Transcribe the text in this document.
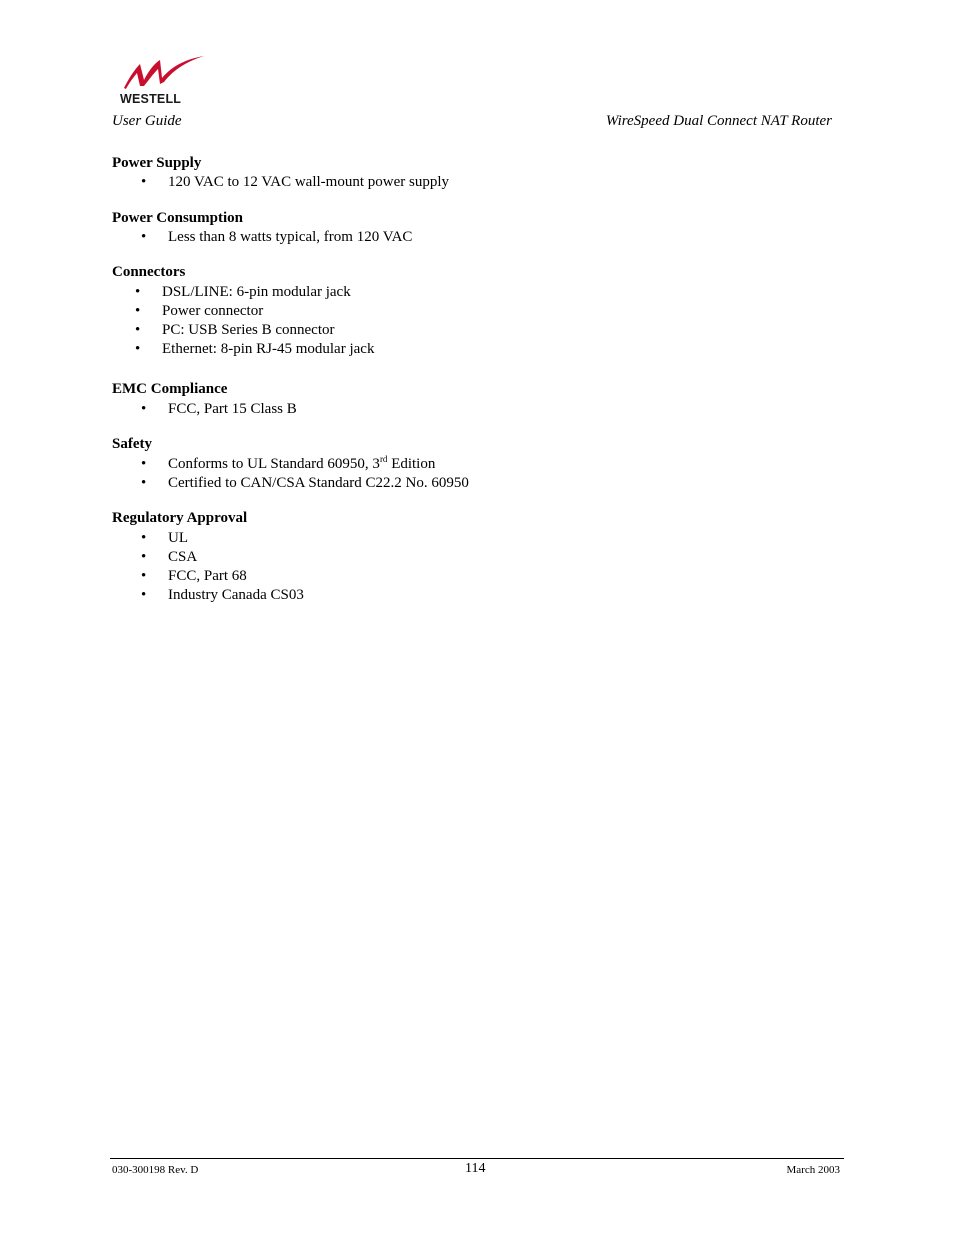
WESTELL
User Guide	WireSpeed Dual Connect NAT Router
Power Supply
• 120 VAC to 12 VAC wall-mount power supply
Power Consumption
• Less than 8 watts typical, from 120 VAC
Connectors
• DSL/LINE: 6-pin modular jack
• Power connector
• PC: USB Series B connector
• Ethernet: 8-pin RJ-45 modular jack
EMC Compliance
• FCC, Part 15 Class B
Safety
• Conforms to UL Standard 60950, 3rd Edition
• Certified to CAN/CSA Standard C22.2 No. 60950
Regulatory Approval
• UL
• CSA
• FCC, Part 68
• Industry Canada CS03
030-300198 Rev. D	114	March 2003
